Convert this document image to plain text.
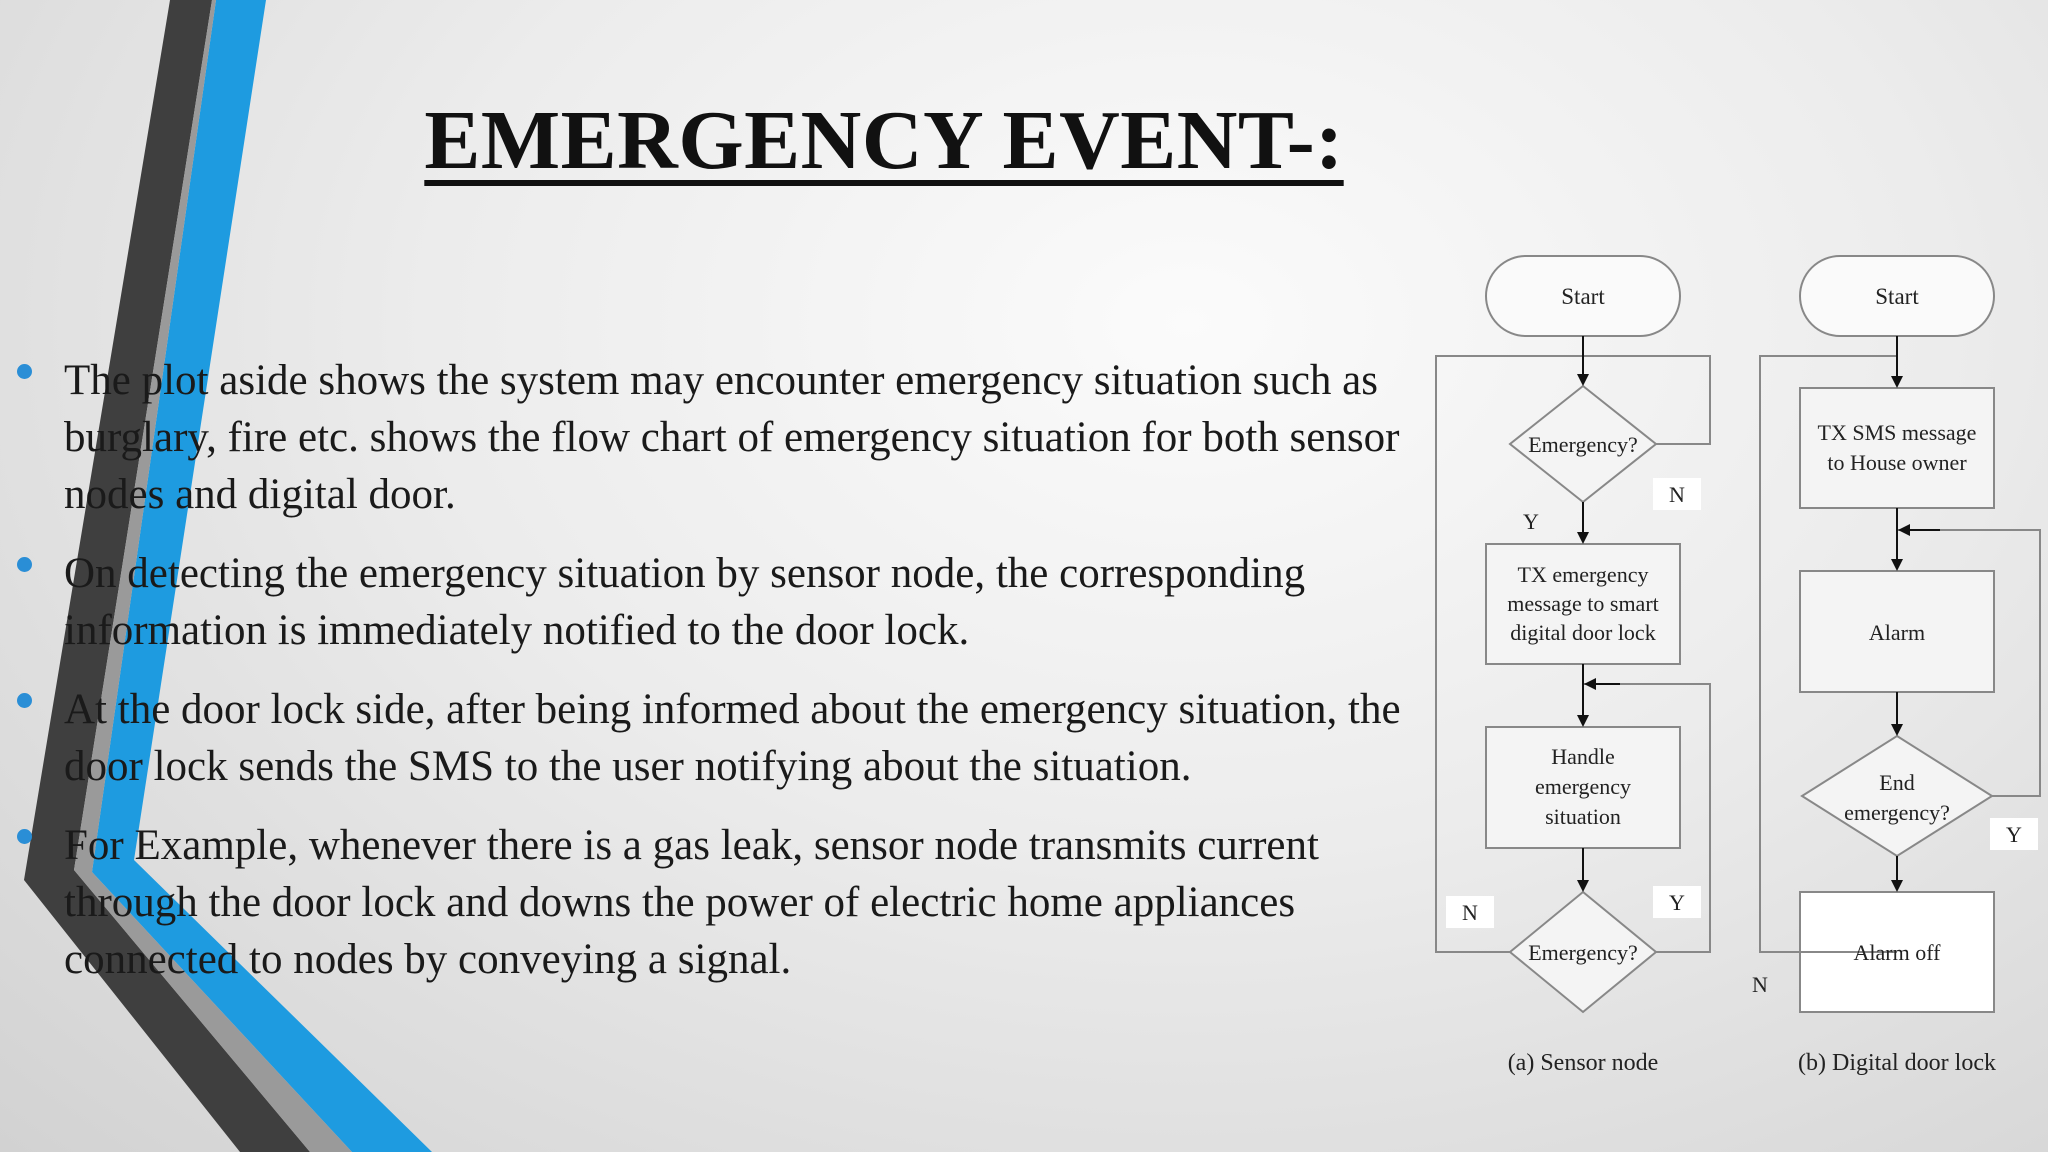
EMERGENCY EVENT-:
The plot aside shows the system may encounter emergency situation such as burglary, fire etc. shows the flow chart of emergency situation for both sensor nodes and digital door.
On detecting the emergency situation by sensor node, the corresponding information is immediately notified to the door lock.
At the door lock side, after being informed about the emergency situation, the door lock sends the SMS to the user notifying about the situation.
For Example, whenever there is a gas leak, sensor node transmits current through the door lock and downs the power of electric home appliances connected to nodes by conveying a signal.
Start
Emergency?
TX emergency
message to smart
digital door lock
Handle
emergency
situation
Emergency?
N
Y
Y
N
(a) Sensor node
Start
TX SMS message
to House owner
Alarm
End
emergency?
Y
Alarm off
N
(b) Digital door lock
